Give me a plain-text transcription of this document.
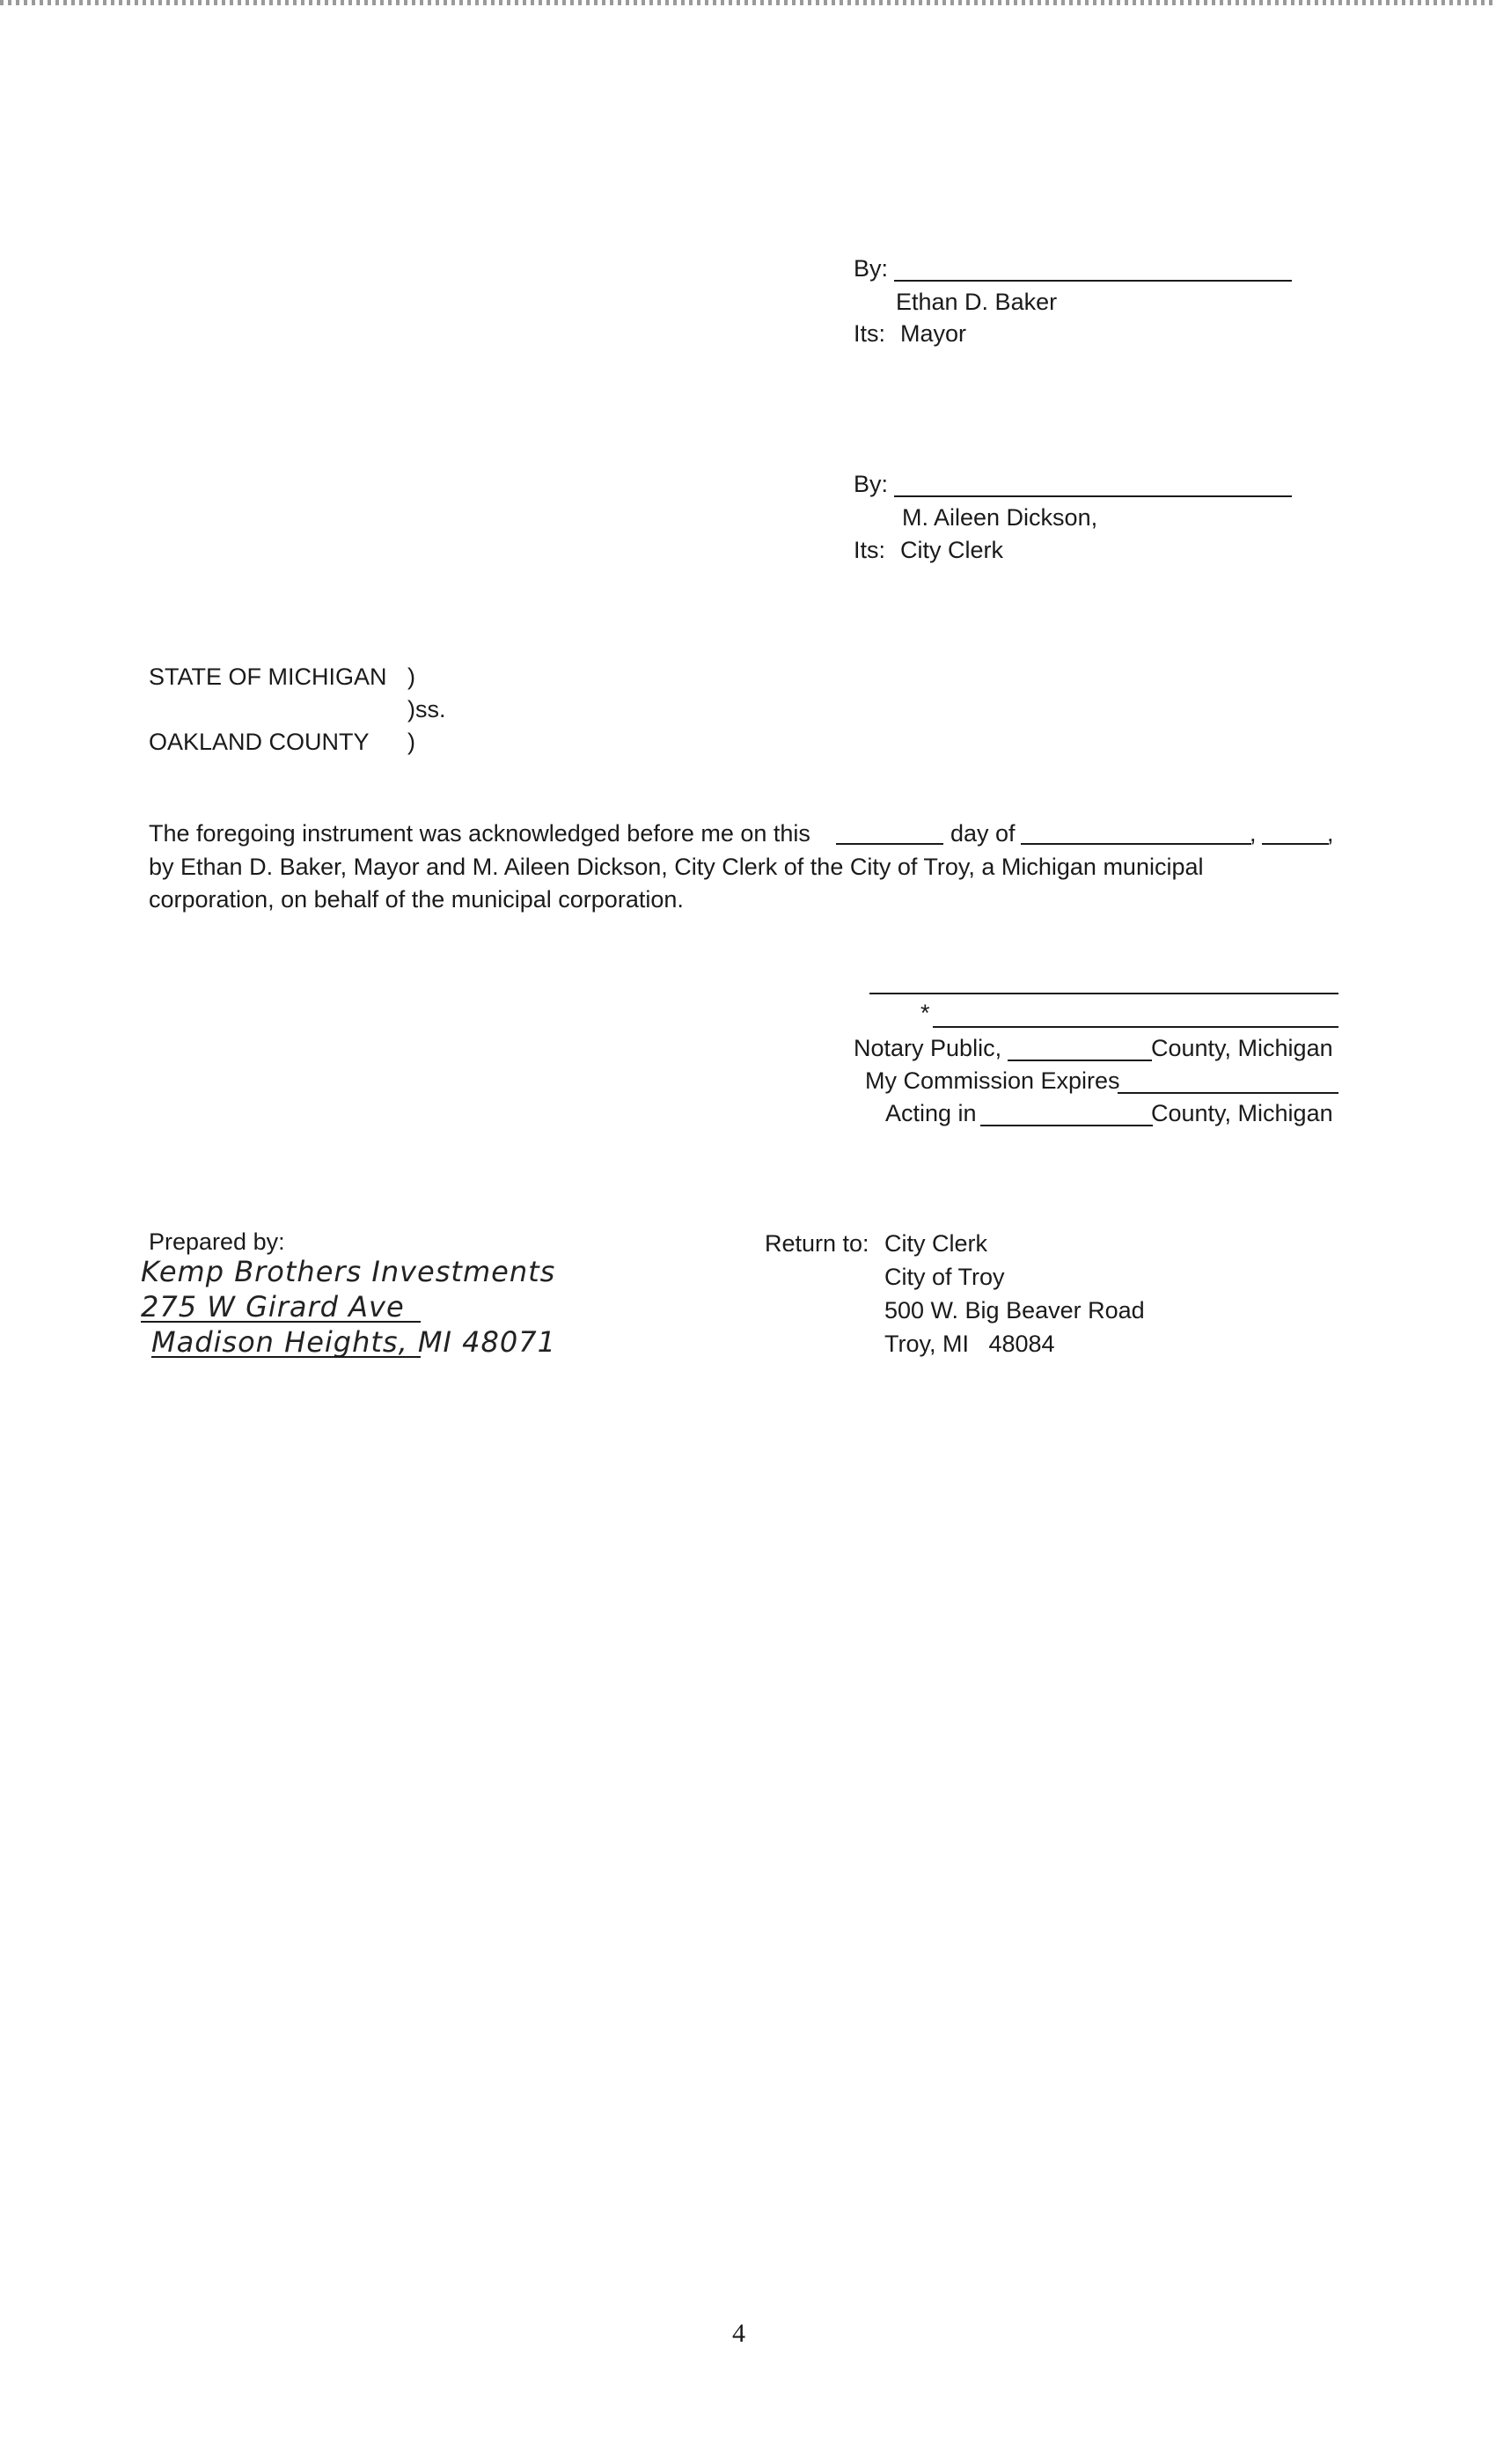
By:
Ethan D. Baker
Its: Mayor
By:
M. Aileen Dickson,
Its: City Clerk
STATE OF MICHIGAN )
)ss.
OAKLAND COUNTY )
The foregoing instrument was acknowledged before me on this	day of	,	,
by Ethan D. Baker, Mayor and M. Aileen Dickson, City Clerk of the City of Troy, a Michigan municipal
corporation, on behalf of the municipal corporation.
*
Notary Public,	County, Michigan
My Commission Expires
Acting in	County, Michigan
Prepared by:
Kemp Brothers Investments
275 W Girard Ave
Madison Heights, MI 48071
Return to: City Clerk
City of Troy
500 W. Big Beaver Road
Troy, MI   48084
4
